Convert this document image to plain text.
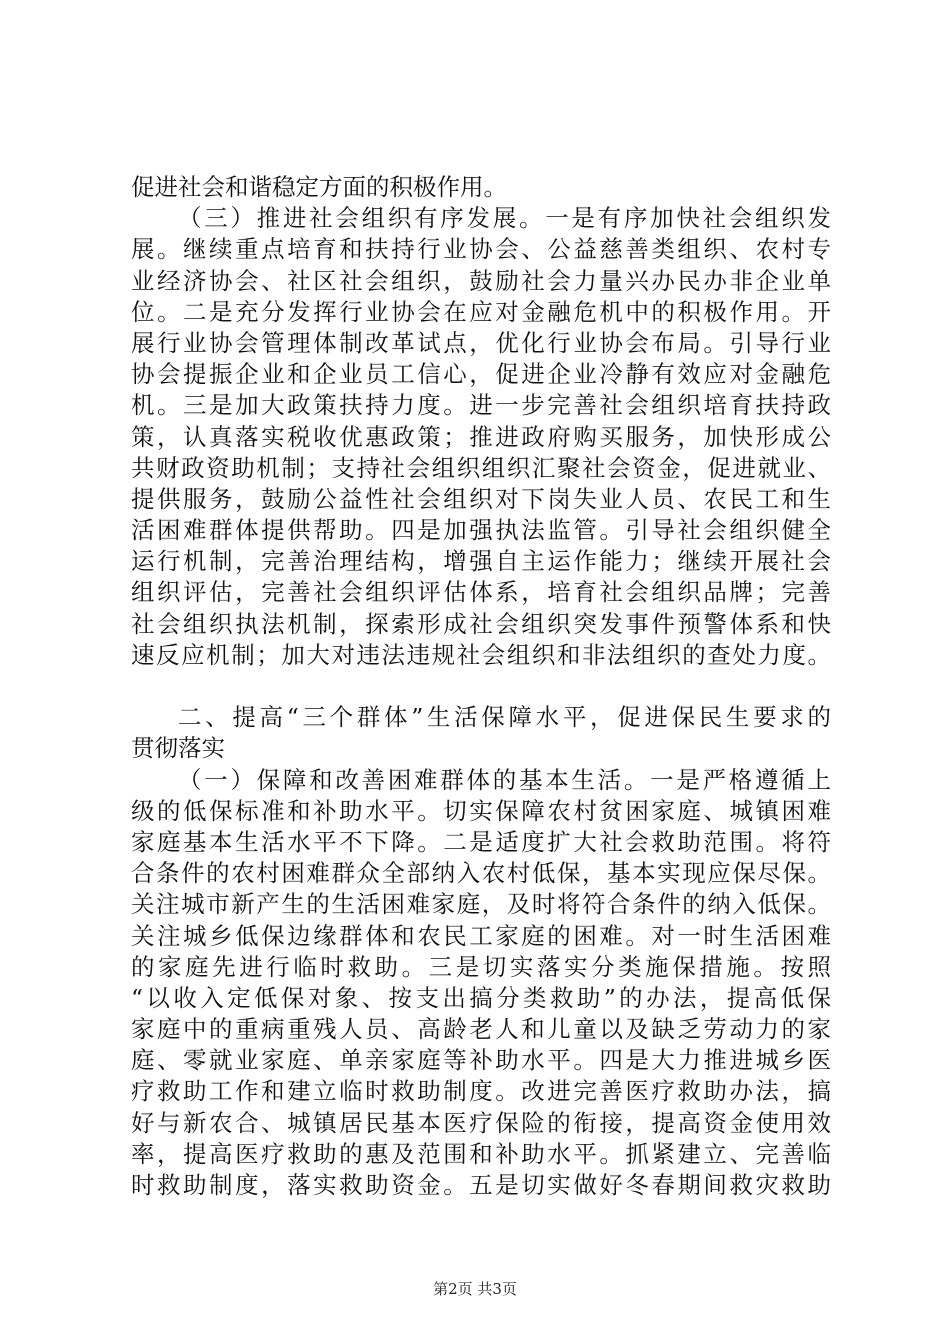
促进社会和谐稳定方面的积极作用。
（三）推进社会组织有序发展。一是有序加快社会组织发
展。继续重点培育和扶持行业协会、公益慈善类组织、农村专
业经济协会、社区社会组织，鼓励社会力量兴办民办非企业单
位。二是充分发挥行业协会在应对金融危机中的积极作用。开
展行业协会管理体制改革试点，优化行业协会布局。引导行业
协会提振企业和企业员工信心，促进企业冷静有效应对金融危
机。三是加大政策扶持力度。进一步完善社会组织培育扶持政
策，认真落实税收优惠政策；推进政府购买服务，加快形成公
共财政资助机制；支持社会组织组织汇聚社会资金，促进就业、
提供服务，鼓励公益性社会组织对下岗失业人员、农民工和生
活困难群体提供帮助。四是加强执法监管。引导社会组织健全
运行机制，完善治理结构，增强自主运作能力；继续开展社会
组织评估，完善社会组织评估体系，培育社会组织品牌；完善
社会组织执法机制，探索形成社会组织突发事件预警体系和快
速反应机制；加大对违法违规社会组织和非法组织的查处力度。
二、提高“三个群体”生活保障水平，促进保民生要求的
贯彻落实
（一）保障和改善困难群体的基本生活。一是严格遵循上
级的低保标准和补助水平。切实保障农村贫困家庭、城镇困难
家庭基本生活水平不下降。二是适度扩大社会救助范围。将符
合条件的农村困难群众全部纳入农村低保，基本实现应保尽保。
关注城市新产生的生活困难家庭，及时将符合条件的纳入低保。
关注城乡低保边缘群体和农民工家庭的困难。对一时生活困难
的家庭先进行临时救助。三是切实落实分类施保措施。按照
“以收入定低保对象、按支出搞分类救助”的办法，提高低保
家庭中的重病重残人员、高龄老人和儿童以及缺乏劳动力的家
庭、零就业家庭、单亲家庭等补助水平。四是大力推进城乡医
疗救助工作和建立临时救助制度。改进完善医疗救助办法，搞
好与新农合、城镇居民基本医疗保险的衔接，提高资金使用效
率，提高医疗救助的惠及范围和补助水平。抓紧建立、完善临
时救助制度，落实救助资金。五是切实做好冬春期间救灾救助
第2页 共3页
